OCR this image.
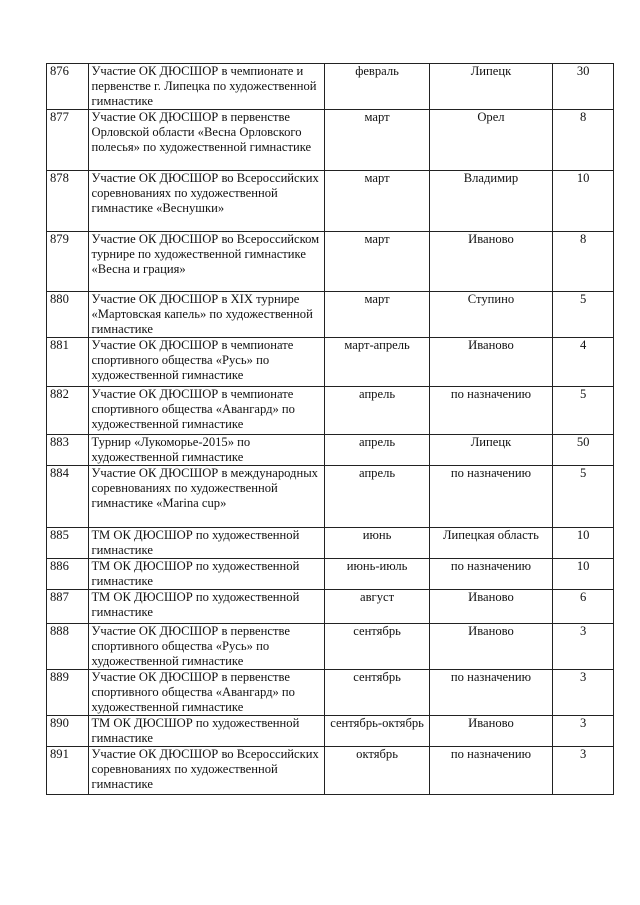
876	Участие ОК ДЮСШОР в чемпионате и первенстве г. Липецка по художественной гимнастике	февраль	Липецк	30
877	Участие ОК ДЮСШОР в первенстве Орловской области «Весна Орловского полесья» по художественной гимнастике	март	Орел	8
878	Участие ОК ДЮСШОР во Всероссийских соревнованиях по художественной гимнастике «Веснушки»	март	Владимир	10
879	Участие ОК ДЮСШОР во Всероссийском турнире по художественной гимнастике «Весна и грация»	март	Иваново	8
880	Участие ОК ДЮСШОР в XIX турнире «Мартовская капель» по художественной гимнастике	март	Ступино	5
881	Участие ОК ДЮСШОР в чемпионате спортивного общества «Русь» по художественной гимнастике	март-апрель	Иваново	4
882	Участие ОК ДЮСШОР в чемпионате спортивного общества «Авангард» по художественной гимнастике	апрель	по назначению	5
883	Турнир «Лукоморье-2015» по художественной гимнастике	апрель	Липецк	50
884	Участие ОК ДЮСШОР в международных соревнованиях по художественной гимнастике «Marina cup»	апрель	по назначению	5
885	ТМ ОК ДЮСШОР по художественной гимнастике	июнь	Липецкая область	10
886	ТМ ОК ДЮСШОР по художественной гимнастике	июнь-июль	по назначению	10
887	ТМ ОК ДЮСШОР по художественной гимнастике	август	Иваново	6
888	Участие ОК ДЮСШОР в первенстве спортивного общества «Русь» по художественной гимнастике	сентябрь	Иваново	3
889	Участие ОК ДЮСШОР в первенстве спортивного общества «Авангард» по художественной гимнастике	сентябрь	по назначению	3
890	ТМ ОК ДЮСШОР по художественной гимнастике	сентябрь-октябрь	Иваново	3
891	Участие ОК ДЮСШОР во Всероссийских соревнованиях по художественной гимнастике	октябрь	по назначению	3
